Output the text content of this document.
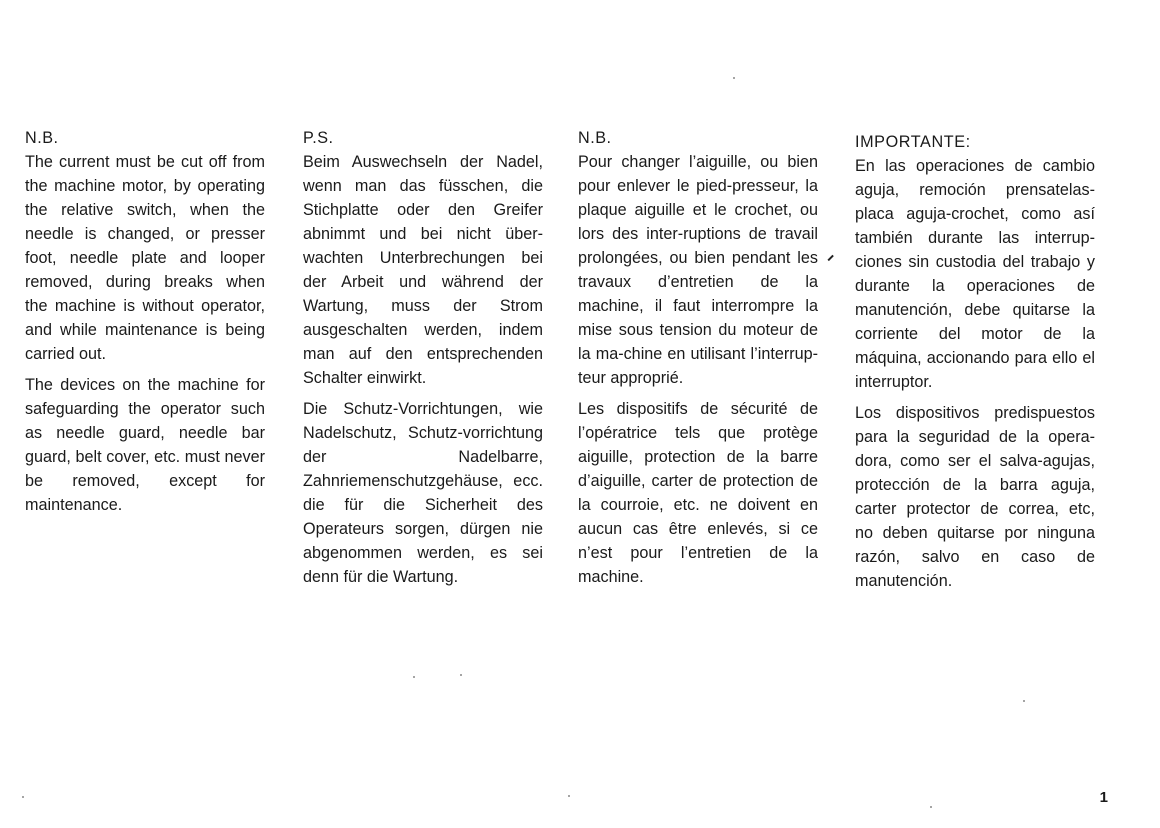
N.B.

The current must be cut off from the machine motor, by operating the relative switch, when the needle is changed, or presser foot, needle plate and looper removed, during breaks when the machine is without operator, and while maintenance is being carried out.

The devices on the machine for safeguarding the operator such as needle guard, needle bar guard, belt cover, etc. must never be removed, except for maintenance.

P.S.

Beim Auswechseln der Nadel, wenn man das füsschen, die Stichplatte oder den Greifer abnimmt und bei nicht über-wachten Unterbrechungen bei der Arbeit und während der Wartung, muss der Strom ausgeschalten werden, indem man auf den entsprechenden Schalter einwirkt.

Die Schutz-Vorrichtungen, wie Nadelschutz, Schutz-vorrichtung der Nadelbarre, Zahnriemenschutzgehäuse, ecc. die für die Sicherheit des Operateurs sorgen, dürgen nie abgenommen werden, es sei denn für die Wartung.

N.B.

Pour changer l’aiguille, ou bien pour enlever le pied-presseur, la plaque aiguille et le crochet, ou lors des inter-ruptions de travail prolongées, ou bien pendant les travaux d’entretien de la machine, il faut interrompre la mise sous tension du moteur de la ma-chine en utilisant l’interrup-teur approprié.

Les dispositifs de sécurité de l’opératrice tels que protège aiguille, protection de la barre d’aiguille, carter de protection de la courroie, etc. ne doivent en aucun cas être enlevés, si ce n’est pour l’entretien de la machine.

IMPORTANTE:

En las operaciones de cambio aguja, remoción prensatelas-placa aguja-crochet, como así también durante las interrup-ciones sin custodia del trabajo y durante la operaciones de manutención, debe quitarse la corriente del motor de la máquina, accionando para ello el interruptor.

Los dispositivos predispuestos para la seguridad de la opera-dora, como ser el salva-agujas, protección de la barra aguja, carter protector de correa, etc, no deben quitarse por ninguna razón, salvo en caso de manutención.

1
